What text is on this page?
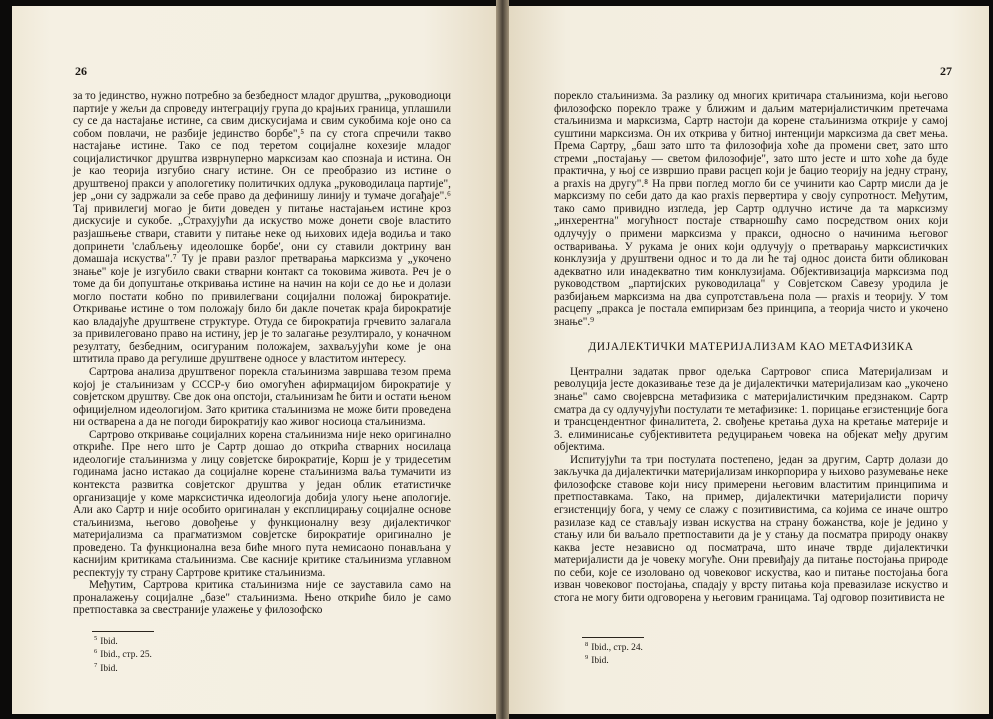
26

за то јединство, нужно потребно за безбедност младог друштва, „руководиоци партије у жељи да спроведу интеграцију група до крајњих граница, уплашили су се да настајање истине, са свим дискусијама и свим сукобима које оно са собом повлачи, не разбије јединство борбе",⁵ па су стога спречили такво настајање истине. Тако се под теретом социјалне кохезије младог социјалистичког друштва изврнуперно марксизам као спознаја и истина. Он је као теорија изгубио снагу истине. Он се преобразио из истине о друштвеној пракси у апологетику политичких одлука „руководилаца партије", јер „они су задржали за себе право да дефинишу линију и тумаче догађаје".⁶ Тај привилегиј могао је бити доведен у питање настајањем истине кроз дискусије и сукобе. „Страхујући да искуство може донети своје властито разјашњење ствари, ставити у питање неке од њихових идеја водиља и тако допринети 'слабљењу идеолошке борбе', они су ставили доктрину ван домашаја искуства".⁷ Ту је прави разлог претварања марксизма у „укочено знање" које је изгубило сваки стварни контакт са токовима живота. Реч је о томе да би допуштање откривања истине на начин на који се до ње и долази могло постати кобно по привилегвани социјални положај бирократије. Откривање истине о том положају било би дакле почетак краја бирократије као владајуће друштвене структуре. Отуда се бирократија грчевито залагала за привилеговано право на истину, јер је то залагање резултирало, у коначном резултату, безбедним, осигураним положајем, захваљујући коме је она штитила право да регулише друштвене односе у властитом интересу.

Сартрова анализа друштвеног порекла стаљинизма завршава тезом према којој је стаљинизам у СССР-у био омогућен афирмацијом бирократије у совјетском друштву. Све док она опстоји, стаљинизам ће бити и остати њеном официјелном идеологијом. Зато критика стаљинизма не може бити проведена ни остварена а да не погоди бирократију као живог носиоца стаљинизма.

Сартрово откривање социјалних корена стаљинизма није неко оригинално откриће. Пре него што је Сартр дошао до открића стварних носилаца идеологије стаљинизма у лицу совјетске бирократије, Корш је у тридесетим годинама јасно истакао да социјалне корене стаљинизма ваља тумачити из контекста развитка совјетског друштва у један облик етатистичке организације у коме марксистичка идеологија добија улогу њене апологије. Али ако Сартр и није особито оригиналан у експлицирању социјалне основе стаљинизма, његово довођење у функционалну везу дијалектичког материјализма са прагматизмом совјетске бирократије оригинално је проведено. Та функционална веза биће много пута немисаоно понављана у каснијим критикама стаљинизма. Све касније критике стаљинизма углавном респектују ту страну Сартрове критике стаљинизма.

Међутим, Сартрова критика стаљинизма није се зауставила само на проналажењу социјалне „базе" стаљинизма. Њено откриће било је само претпоставка за свестраније улажење у филозофско

$^5$ Ibid.
$^6$ Ibid., стр. 25.
$^7$ Ibid.
27

порекло стаљинизма. За разлику од многих критичара стаљинизма, који његово филозофско порекло траже у ближим и даљим материјалистичким претечама стаљинизма и марксизма, Сартр настоји да корене стаљинизма открије у самој суштини марксизма. Он их открива у битној интенцији марксизма да свет мења. Према Сартру, „баш зато што та филозофија хоће да промени свет, зато што стреми „постајању — светом филозофије", зато што јесте и што хоће да буде практична, у њој се извршио прави расцеп који је бацио теорију на једну страну, а praxis на другу".⁸ На први поглед могло би се учинити као Сартр мисли да је марксизму по себи дато да као praxis первертира у своју супротност. Међутим, тако само привидно изгледа, јер Сартр одлучно истиче да та марксизму „инхерентна" могућност постаје стварношћу само посредством оних који одлучују о примени марксизма у пракси, односно о начинима његовог остваривања. У рукама је оних који одлучују о претварању марксистичких конклузија у друштвени однос и то да ли ће тај однос доиста бити обликован адекватно или инадекватно тим конклузијама. Објективизација марксизма под руководством „партијских руководилаца" у Совјетском Савезу уродила је разбијањем марксизма на два супротстављена пола — praxis и теорију. У том расцепу „пракса је постала емпиризам без принципа, а теорија чисто и укочено знање".⁹

ДИЈАЛЕКТИЧКИ МАТЕРИЈАЛИЗАМ КАО МЕТАФИЗИКА

Централни задатак првог одељка Сартровог списа Материјализам и револуција јесте доказивање тезе да је дијалектички материјализам као „укочено знање" само својеврсна метафизика с материјалистичким предзнаком. Сартр сматра да су одлучујући постулати те метафизике: 1. порицање егзистенције бога и трансцендентног финалитета, 2. свођење кретања духа на кретање материје и 3. елиминисање субјективитета редуцирањем човека на објекат међу другим објектима.

Испитујући та три постулата постепено, један за другим, Сартр долази до закључка да дијалектички материјализам инкорпорира у њихово разумевање неке филозофске ставове који нису примерени његовим властитим принципима и претпоставкама. Тако, на пример, дијалектички материјалисти поричу егзистенцију бога, у чему се слажу с позитивистима, са којима се иначе оштро разилазе кад се стављају изван искуства на страну божанства, које је једино у стању или би ваљало претпоставити да је у стању да посматра природу онакву каква јесте независно од посматрача, што иначе тврде дијалектички материјалисти да је човеку могуће. Они превиђају да питање постојања природе по себи, које се изоловано од човековог искуства, као и питање постојања бога изван човековог постојања, спадају у врсту питања која превазилазе искуство и стога не могу бити одговорена у његовим границама. Тај одговор позитивиста не

$^8$ Ibid., стр. 24.
$^9$ Ibid.
